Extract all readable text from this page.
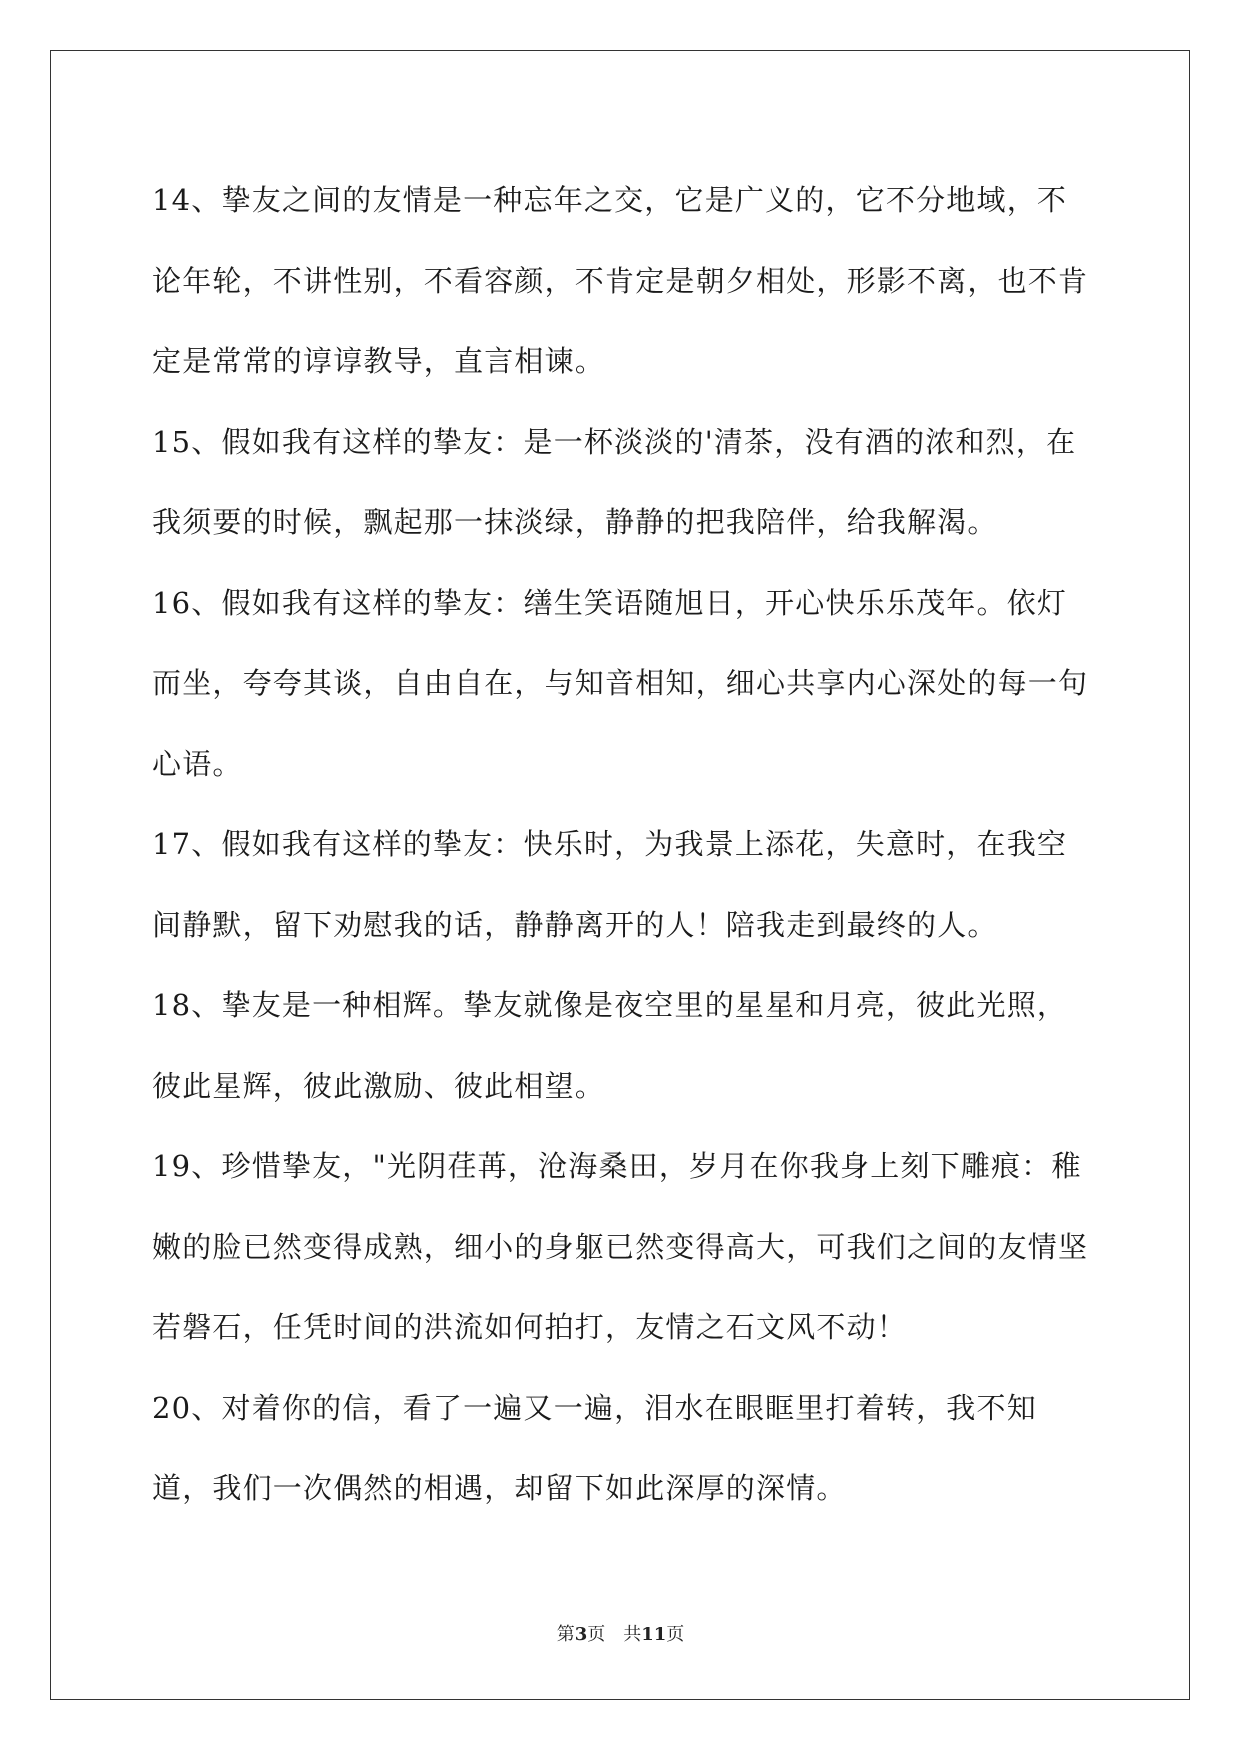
14、挚友之间的友情是一种忘年之交，它是广义的，它不分地域，不论年轮，不讲性别，不看容颜，不肯定是朝夕相处，形影不离，也不肯定是常常的谆谆教导，直言相谏。

15、假如我有这样的挚友：是一杯淡淡的'清茶，没有酒的浓和烈，在我须要的时候，飘起那一抹淡绿，静静的把我陪伴，给我解渴。

16、假如我有这样的挚友：缮生笑语随旭日，开心快乐乐茂年。依灯而坐，夸夸其谈，自由自在，与知音相知，细心共享内心深处的每一句心语。

17、假如我有这样的挚友：快乐时，为我景上添花，失意时，在我空间静默，留下劝慰我的话，静静离开的人！陪我走到最终的人。

18、挚友是一种相辉。挚友就像是夜空里的星星和月亮，彼此光照，彼此星辉，彼此激励、彼此相望。

19、珍惜挚友，"光阴荏苒，沧海桑田，岁月在你我身上刻下雕痕：稚嫩的脸已然变得成熟，细小的身躯已然变得高大，可我们之间的友情坚若磐石，任凭时间的洪流如何拍打，友情之石文风不动！

20、对着你的信，看了一遍又一遍，泪水在眼眶里打着转，我不知道，我们一次偶然的相遇，却留下如此深厚的深情。

第3页 共11页
